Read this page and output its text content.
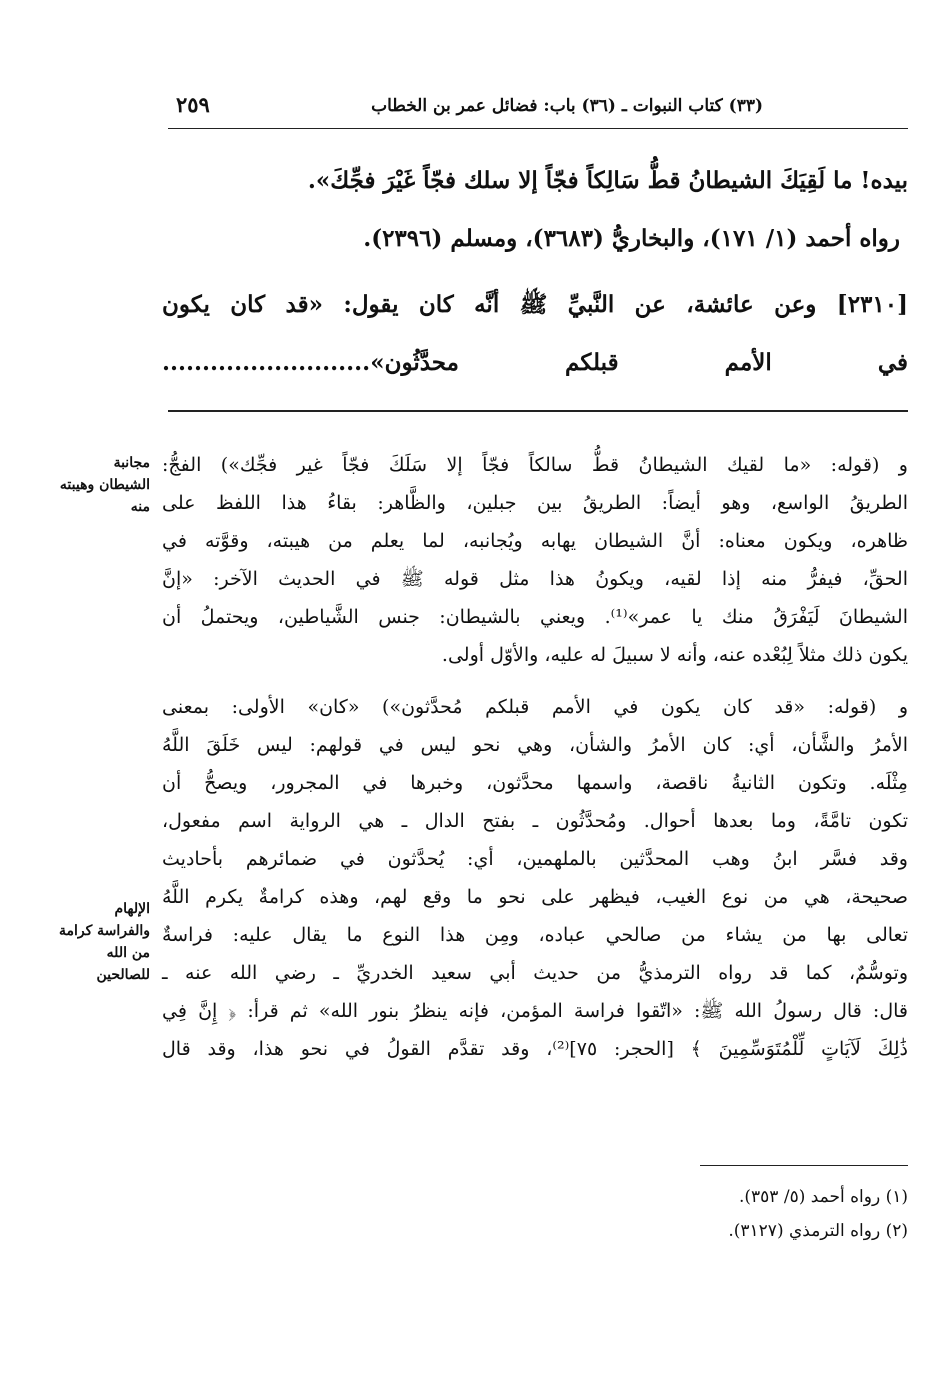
٢٥٩	(٣٣) كتاب النبوات ـ (٣٦) باب: فضائل عمر بن الخطاب
بيده! ما لَقِيَكَ الشيطانُ قطُّ سَالِكاً فجّاً إلا سلك فجّاً غَيْرَ فجِّكَ».
رواه أحمد (١/ ١٧١)، والبخاريُّ (٣٦٨٣)، ومسلم (٢٣٩٦).
[٢٣١٠] وعن عائشة، عن النَّبيِّ ﷺ أنَّه كان يقول: «قد كان يكون
في الأمم قبلكم محدَّثُون»..........................
و (قوله: «ما لقيك الشيطانُ قطُّ سالكاً فجّاً إلا سَلَكَ فجّاً غير فجِّك») الفجُّ:
الطريقُ الواسع، وهو أيضاً: الطريقُ بين جبلين، والظَّاهر: بقاءُ هذا اللفظ على
ظاهره، ويكون معناه: أنَّ الشيطان يهابه ويُجانبه، لما يعلم من هيبته، وقوَّته في
الحقِّ، فيفرُّ منه إذا لقيه، ويكونُ هذا مثل قوله ﷺ في الحديث الآخر: «إنَّ
الشيطانَ لَيَفْرَقُ منك يا عمر»⁽¹⁾. ويعني بالشيطان: جنس الشَّياطين، ويحتملُ أن
يكون ذلك مثلاً لِبُعْده عنه، وأنه لا سبيلَ له عليه، والأوّل أولى.
و (قوله: «قد كان يكون في الأمم قبلكم مُحدَّثون») «كان» الأولى: بمعنى
الأمرُ والشَّأن، أي: كان الأمرُ والشأن، وهي نحو ليس في قولهم: ليس خَلَقَ اللَّهُ
مِثْلَه. وتكون الثانيةُ ناقصة، واسمها محدَّثون، وخبرها في المجرور، ويصحُّ أن
تكون تامَّةً، وما بعدها أحوال. ومُحدَّثُون ـ بفتح الدال ـ هي الرواية اسم مفعول،
وقد فسَّر ابنُ وهب المحدَّثين بالملهمين، أي: يُحدَّثون في ضمائرهم بأحاديث
صحيحة، هي من نوع الغيب، فيظهر على نحو ما وقع لهم، وهذه كرامةٌ يكرم اللَّهُ
تعالى بها من يشاء من صالحي عباده، ومِن هذا النوع ما يقال عليه: فراسةٌ
وتوسُّمٌ، كما قد رواه الترمذيُّ من حديث أبي سعيد الخدريِّ ـ رضي الله عنه ـ
قال: قال رسولُ الله ﷺ: «اتّقوا فراسة المؤمن، فإنه ينظرُ بنور الله» ثم قرأ: ﴿ إِنَّ فِي
ذَٰلِكَ لَآيَاتٍ لِّلْمُتَوَسِّمِينَ ﴾ [الحجر: ٧٥]⁽²⁾، وقد تقدَّم القولُ في نحو هذا، وقد قال
مجانبة
الشيطان وهيبته
منه
الإلهام
والفراسة كرامة
من الله
للصالحين
(١) رواه أحمد (٥/ ٣٥٣).
(٢) رواه الترمذي (٣١٢٧).
